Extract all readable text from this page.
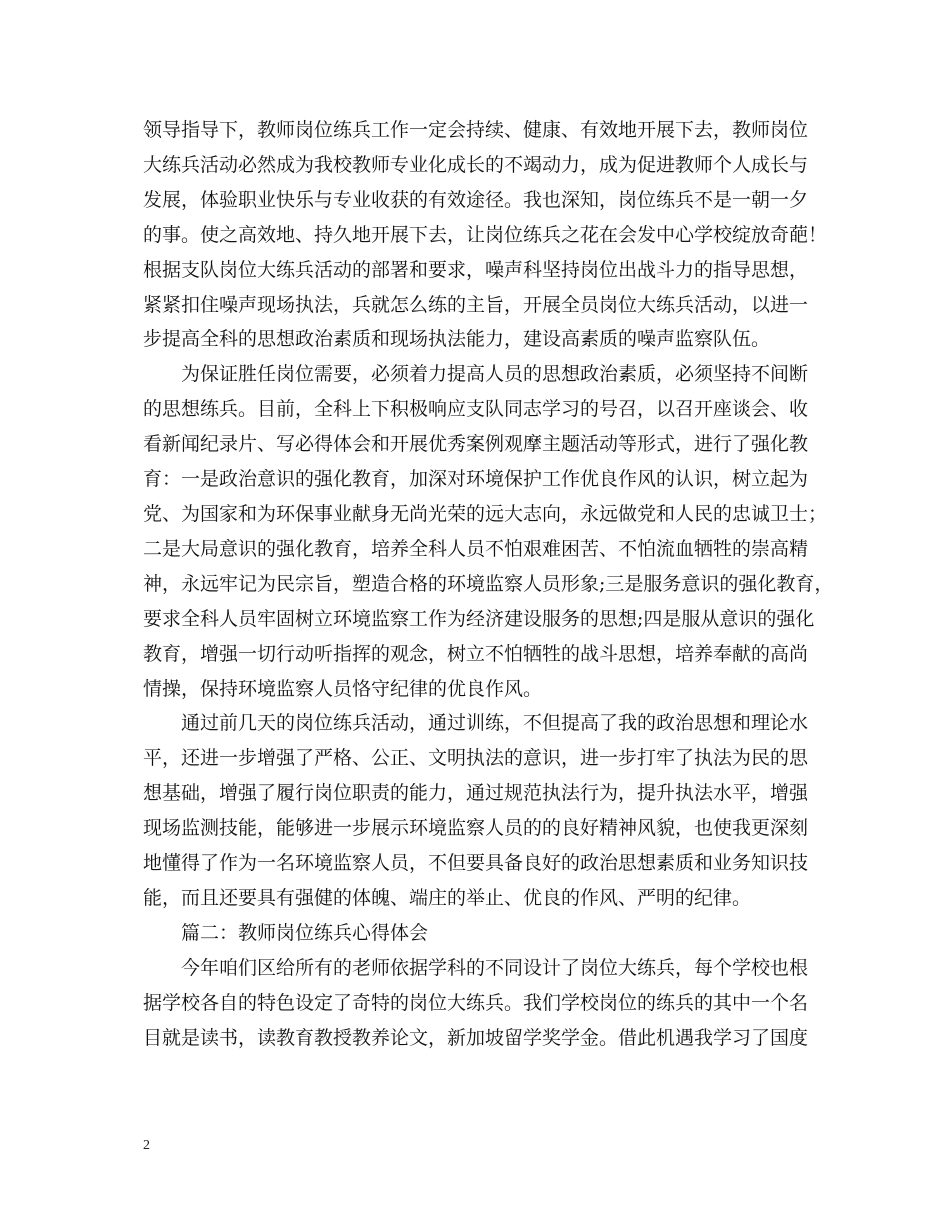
领导指导下，教师岗位练兵工作一定会持续、健康、有效地开展下去，教师岗位
大练兵活动必然成为我校教师专业化成长的不竭动力，成为促进教师个人成长与
发展，体验职业快乐与专业收获的有效途径。我也深知，岗位练兵不是一朝一夕
的事。使之高效地、持久地开展下去，让岗位练兵之花在会发中心学校绽放奇葩！
根据支队岗位大练兵活动的部署和要求，噪声科坚持岗位出战斗力的指导思想，
紧紧扣住噪声现场执法，兵就怎么练的主旨，开展全员岗位大练兵活动，以进一
步提高全科的思想政治素质和现场执法能力，建设高素质的噪声监察队伍。

为保证胜任岗位需要，必须着力提高人员的思想政治素质，必须坚持不间断
的思想练兵。目前，全科上下积极响应支队同志学习的号召，以召开座谈会、收
看新闻纪录片、写必得体会和开展优秀案例观摩主题活动等形式，进行了强化教
育：一是政治意识的强化教育，加深对环境保护工作优良作风的认识，树立起为
党、为国家和为环保事业献身无尚光荣的远大志向，永远做党和人民的忠诚卫士；
二是大局意识的强化教育，培养全科人员不怕艰难困苦、不怕流血牺牲的崇高精
神，永远牢记为民宗旨，塑造合格的环境监察人员形象;三是服务意识的强化教育，
要求全科人员牢固树立环境监察工作为经济建设服务的思想;四是服从意识的强化
教育，增强一切行动听指挥的观念，树立不怕牺牲的战斗思想，培养奉献的高尚
情操，保持环境监察人员恪守纪律的优良作风。

通过前几天的岗位练兵活动，通过训练，不但提高了我的政治思想和理论水
平，还进一步增强了严格、公正、文明执法的意识，进一步打牢了执法为民的思
想基础，增强了履行岗位职责的能力，通过规范执法行为，提升执法水平，增强
现场监测技能，能够进一步展示环境监察人员的的良好精神风貌，也使我更深刻
地懂得了作为一名环境监察人员，不但要具备良好的政治思想素质和业务知识技
能，而且还要具有强健的体魄、端庄的举止、优良的作风、严明的纪律。

篇二：教师岗位练兵心得体会

今年咱们区给所有的老师依据学科的不同设计了岗位大练兵，每个学校也根
据学校各自的特色设定了奇特的岗位大练兵。我们学校岗位的练兵的其中一个名
目就是读书，读教育教授教养论文，新加坡留学奖学金。借此机遇我学习了国度

2
